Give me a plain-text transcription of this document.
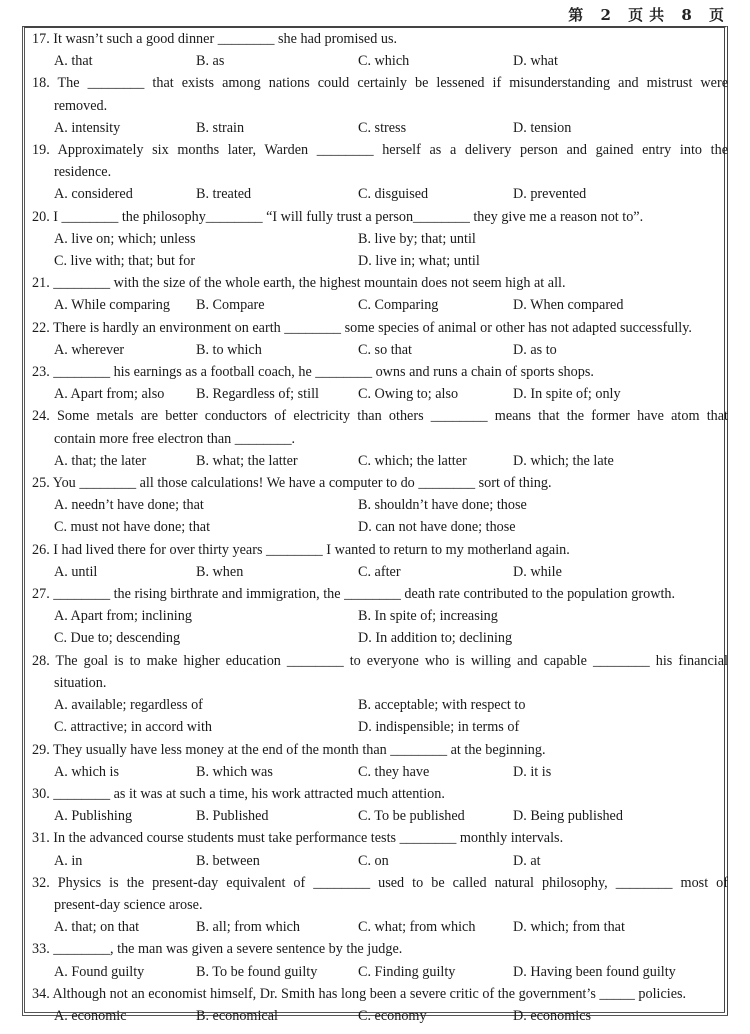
第 2 页共 8 页
17. It wasn’t such a good dinner ________ she had promised us.
A. that	B. as	C. which	D. what
18. The ________ that exists among nations could certainly be lessened if misunderstanding and mistrust were
removed.
A. intensity	B. strain	C. stress	D. tension
19. Approximately six months later, Warden ________ herself as a delivery person and gained entry into the
residence.
A. considered	B. treated	C. disguised	D. prevented
20. I ________ the philosophy________ “I will fully trust a person________ they give me a reason not to”.
A. live on; which; unless	B. live by; that; until
C. live with; that; but for	D. live in; what; until
21. ________ with the size of the whole earth, the highest mountain does not seem high at all.
A. While comparing	B. Compare	C. Comparing	D. When compared
22. There is hardly an environment on earth ________ some species of animal or other has not adapted successfully.
A. wherever	B. to which	C. so that	D. as to
23. ________ his earnings as a football coach, he ________ owns and runs a chain of sports shops.
A. Apart from; also	B. Regardless of; still	C. Owing to; also	D. In spite of; only
24. Some metals are better conductors of electricity than others ________ means that the former have atom that
contain more free electron than ________.
A. that; the later	B. what; the latter	C. which; the latter	D. which; the late
25. You ________ all those calculations! We have a computer to do ________ sort of thing.
A. needn’t have done; that	B. shouldn’t have done; those
C. must not have done; that	D. can not have done; those
26. I had lived there for over thirty years ________ I wanted to return to my motherland again.
A. until	B. when	C. after	D. while
27. ________ the rising birthrate and immigration, the ________ death rate contributed to the population growth.
A. Apart from; inclining	B. In spite of; increasing
C. Due to; descending	D. In addition to; declining
28. The goal is to make higher education ________ to everyone who is willing and capable ________ his financial
situation.
A. available; regardless of	B. acceptable; with respect to
C. attractive; in accord with	D. indispensible; in terms of
29. They usually have less money at the end of the month than ________ at the beginning.
A. which is	B. which was	C. they have	D. it is
30. ________ as it was at such a time, his work attracted much attention.
A. Publishing	B. Published	C. To be published	D. Being published
31. In the advanced course students must take performance tests ________ monthly intervals.
A. in	B. between	C. on	D. at
32. Physics is the present-day equivalent of ________ used to be called natural philosophy, ________ most of
present-day science arose.
A. that; on that	B. all; from which	C. what; from which	D. which; from that
33. ________, the man was given a severe sentence by the judge.
A. Found guilty	B. To be found guilty	C. Finding guilty	D. Having been found guilty
34. Although not an economist himself, Dr. Smith has long been a severe critic of the government’s _____ policies.
A. economic	B. economical	C. economy	D. economics
